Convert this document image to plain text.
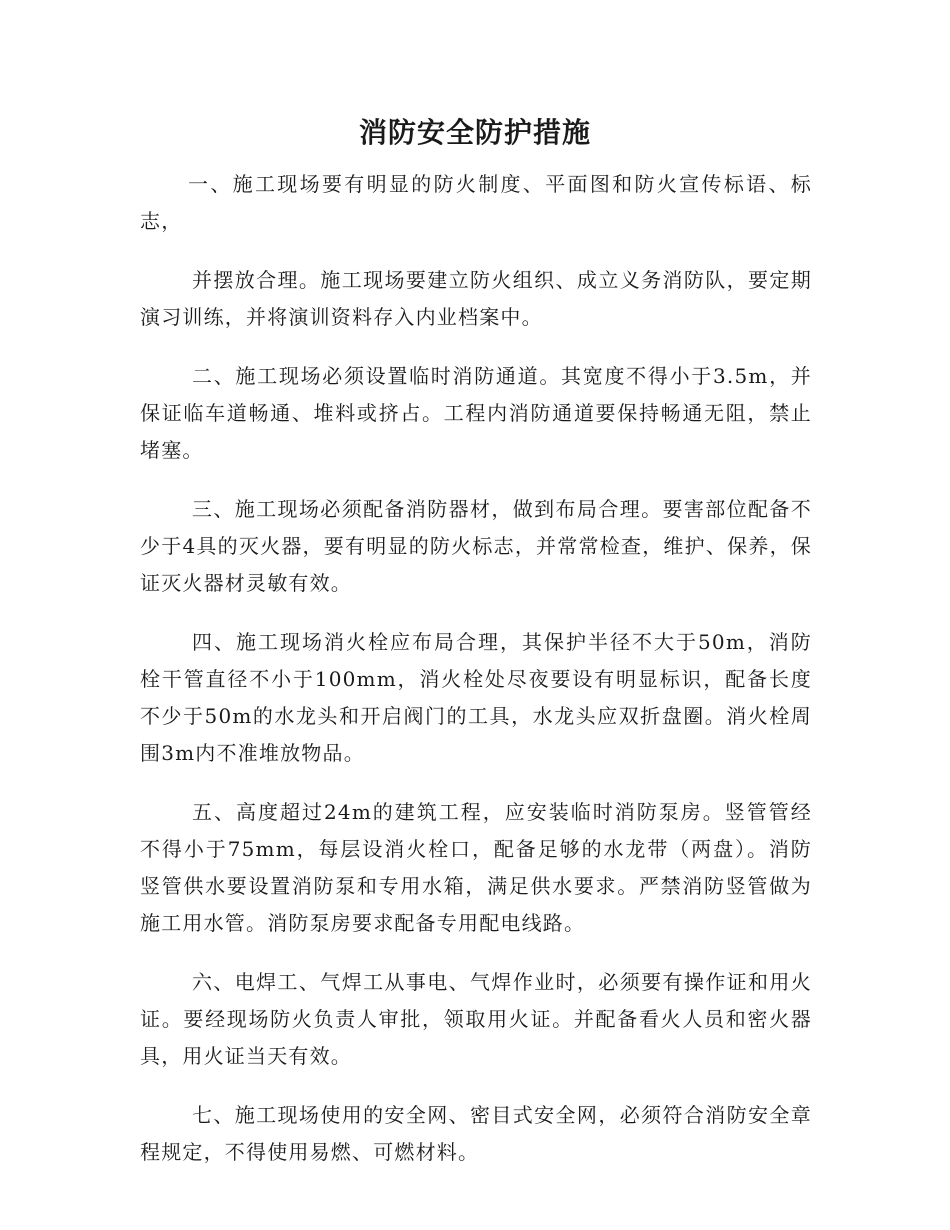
消防安全防护措施

一、施工现场要有明显的防火制度、平面图和防火宣传标语、标志，

并摆放合理。施工现场要建立防火组织、成立义务消防队，要定期演习训练，并将演训资料存入内业档案中。

二、施工现场必须设置临时消防通道。其宽度不得小于3.5m，并保证临车道畅通、堆料或挤占。工程内消防通道要保持畅通无阻，禁止堵塞。

三、施工现场必须配备消防器材，做到布局合理。要害部位配备不少于4具的灭火器，要有明显的防火标志，并常常检查，维护、保养，保证灭火器材灵敏有效。

四、施工现场消火栓应布局合理，其保护半径不大于50m，消防栓干管直径不小于100mm，消火栓处尽夜要设有明显标识，配备长度不少于50m的水龙头和开启阀门的工具，水龙头应双折盘圈。消火栓周围3m内不准堆放物品。

五、高度超过24m的建筑工程，应安装临时消防泵房。竖管管经不得小于75mm，每层设消火栓口，配备足够的水龙带（两盘）。消防竖管供水要设置消防泵和专用水箱，满足供水要求。严禁消防竖管做为施工用水管。消防泵房要求配备专用配电线路。

六、电焊工、气焊工从事电、气焊作业时，必须要有操作证和用火证。要经现场防火负责人审批，领取用火证。并配备看火人员和密火器具，用火证当天有效。

七、施工现场使用的安全网、密目式安全网，必须符合消防安全章程规定，不得使用易燃、可燃材料。
